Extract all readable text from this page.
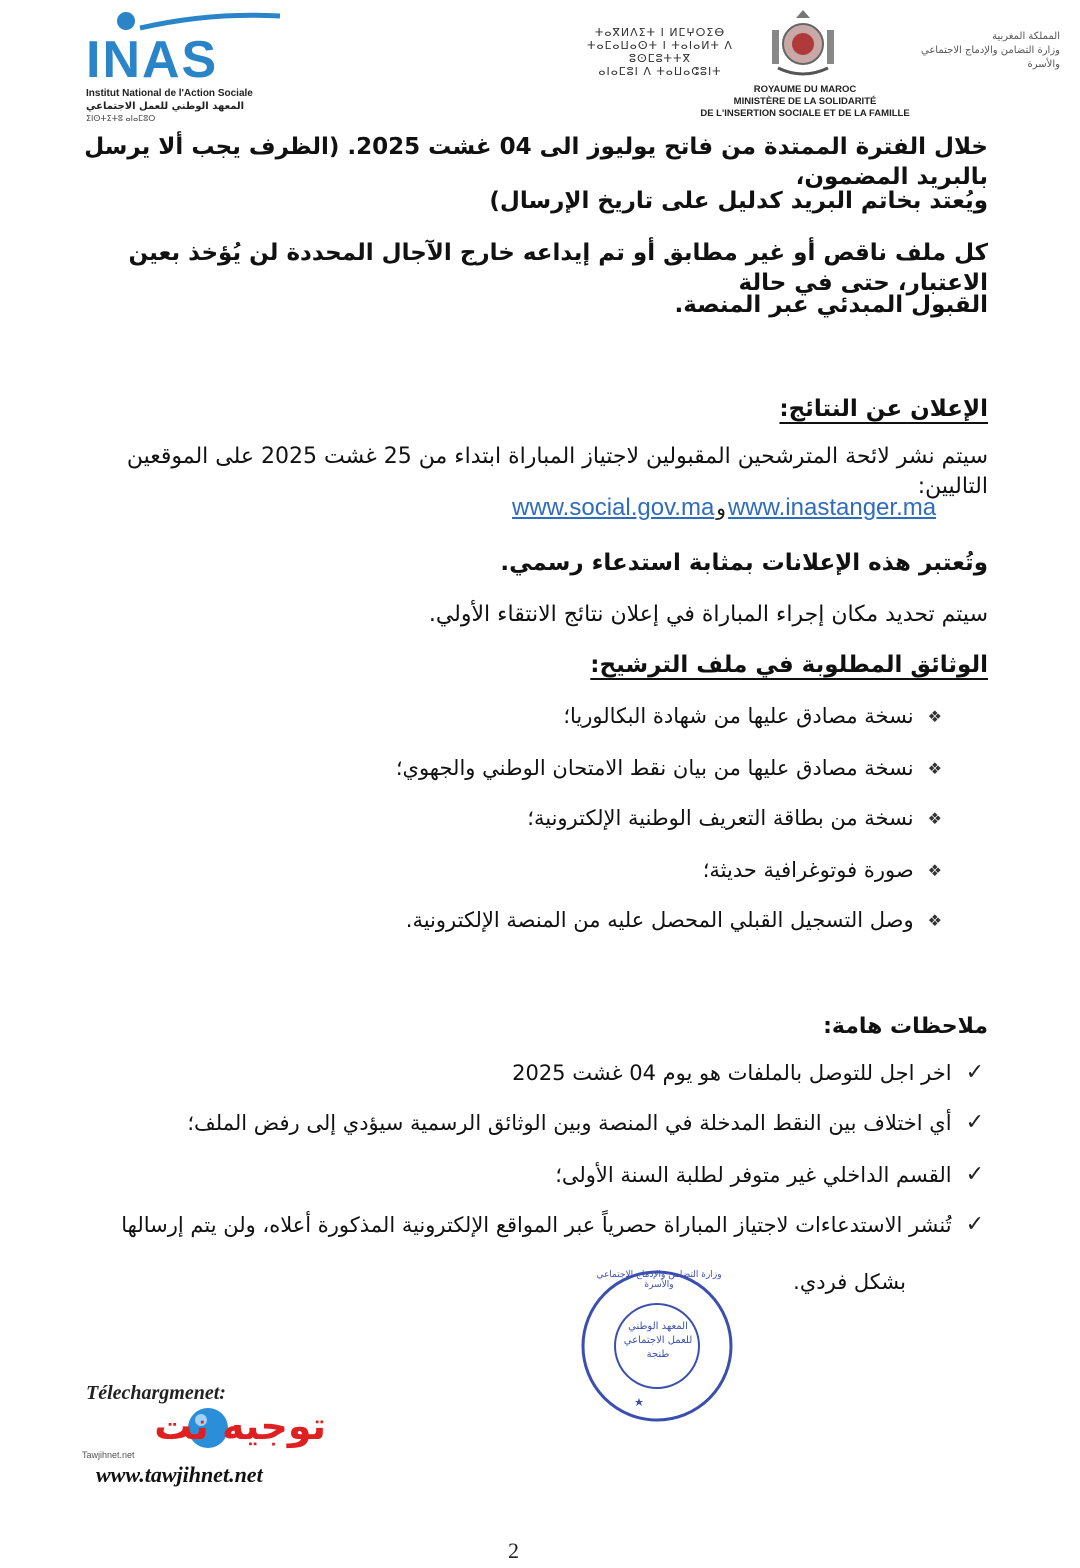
INAS
Institut National de l'Action Sociale
المعهد الوطني للعمل الاجتماعي
ⵉⵏⵙⵜⵉⵜⵓ ⴰⵏⴰⵎⵓⵔ
ⵜⴰⴳⵍⴷⵉⵜ ⵏ ⵍⵎⵖⵔⵉⴱ
ⵜⴰⵎⴰⵡⴰⵙⵜ ⵏ ⵜⴰⵏⴰⵍⵜ ⴷ ⵓⵙⵎⵓⵜⵜⴳ
ⴰⵏⴰⵎⵓⵏ ⴷ ⵜⴰⵡⴰⵛⵓⵏⵜ
ROYAUME DU MAROC
MINISTÈRE DE LA SOLIDARITÉ
DE L'INSERTION SOCIALE ET DE LA FAMILLE
المملكة المغربية
وزارة التضامن والإدماج الاجتماعي
والأسرة
خلال الفترة الممتدة من فاتح يوليوز الى 04 غشت 2025. (الظرف يجب ألا يرسل بالبريد المضمون،
ويُعتد بخاتم البريد كدليل على تاريخ الإرسال)
كل ملف ناقص أو غير مطابق أو تم إيداعه خارج الآجال المحددة لن يُؤخذ بعين الاعتبار، حتى في حالة
القبول المبدئي عبر المنصة.
الإعلان عن النتائج:
سيتم نشر لائحة المترشحين المقبولين لاجتياز المباراة ابتداء من 25 غشت 2025 على الموقعين التاليين:
www.social.gov.ma و www.inastanger.ma
وتُعتبر هذه الإعلانات بمثابة استدعاء رسمي.
سيتم تحديد مكان إجراء المباراة في إعلان نتائج الانتقاء الأولي.
الوثائق المطلوبة في ملف الترشيح:
❖
نسخة مصادق عليها من شهادة البكالوريا؛
❖
نسخة مصادق عليها من بيان نقط الامتحان الوطني والجهوي؛
❖
نسخة من بطاقة التعريف الوطنية الإلكترونية؛
❖
صورة فوتوغرافية حديثة؛
❖
وصل التسجيل القبلي المحصل عليه من المنصة الإلكترونية.
ملاحظات هامة:
✓
اخر اجل للتوصل بالملفات هو يوم 04 غشت 2025
✓
أي اختلاف بين النقط المدخلة في المنصة وبين الوثائق الرسمية سيؤدي إلى رفض الملف؛
✓
القسم الداخلي غير متوفر لطلبة السنة الأولى؛
✓
تُنشر الاستدعاءات لاجتياز المباراة حصرياً عبر المواقع الإلكترونية المذكورة أعلاه، ولن يتم إرسالها
بشكل فردي.
المعهد الوطني
للعمل الاجتماعي
طنجة
وزارة التضامن والإدماج الاجتماعي والأسرة
Télechargmenet:
توجيه نت
Tawjihnet.net
www.tawjihnet.net
2
